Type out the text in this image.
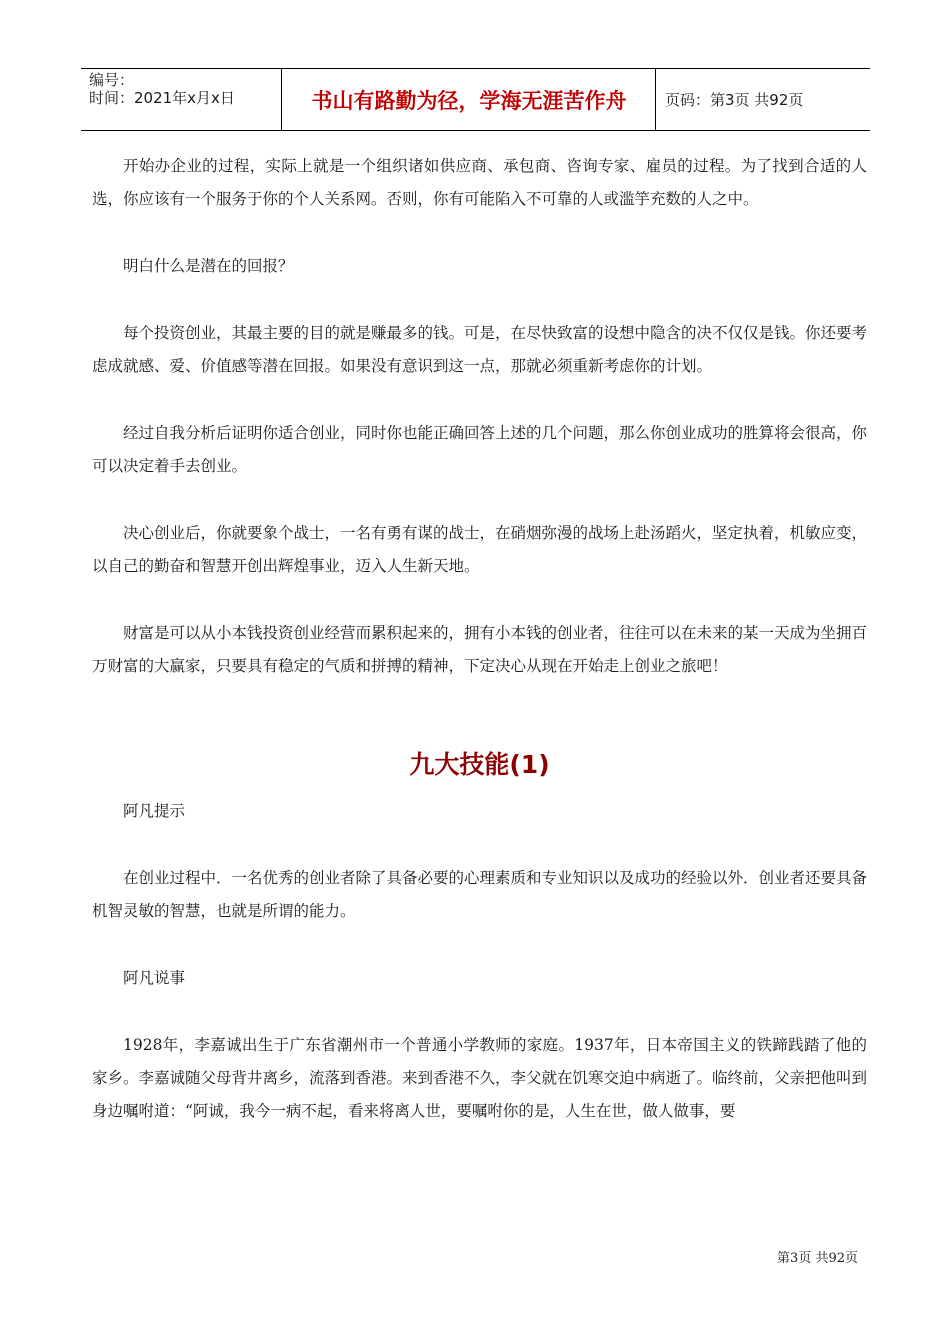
编号：
时间：2021年x月x日	书山有路勤为径，学海无涯苦作舟	页码：第3页 共92页

开始办企业的过程，实际上就是一个组织诸如供应商、承包商、咨询专家、雇员的过程。为了找到合适的人选，你应该有一个服务于你的个人关系网。否则，你有可能陷入不可靠的人或滥竽充数的人之中。

明白什么是潜在的回报？

每个投资创业，其最主要的目的就是赚最多的钱。可是，在尽快致富的设想中隐含的决不仅仅是钱。你还要考虑成就感、爱、价值感等潜在回报。如果没有意识到这一点，那就必须重新考虑你的计划。

经过自我分析后证明你适合创业，同时你也能正确回答上述的几个问题，那么你创业成功的胜算将会很高，你可以决定着手去创业。

决心创业后，你就要象个战士，一名有勇有谋的战士，在硝烟弥漫的战场上赴汤蹈火，坚定执着，机敏应变，以自己的勤奋和智慧开创出辉煌事业，迈入人生新天地。

财富是可以从小本钱投资创业经营而累积起来的，拥有小本钱的创业者，往往可以在未来的某一天成为坐拥百万财富的大赢家，只要具有稳定的气质和拼搏的精神，下定决心从现在开始走上创业之旅吧！

九大技能(1)

阿凡提示

在创业过程中．一名优秀的创业者除了具备必要的心理素质和专业知识以及成功的经验以外．创业者还要具备机智灵敏的智慧，也就是所谓的能力。

阿凡说事

1928年，李嘉诚出生于广东省潮州市一个普通小学教师的家庭。1937年，日本帝国主义的铁蹄践踏了他的家乡。李嘉诚随父母背井离乡，流落到香港。来到香港不久，李父就在饥寒交迫中病逝了。临终前，父亲把他叫到身边嘱咐道：“阿诚，我今一病不起，看来将离人世，要嘱咐你的是，人生在世，做人做事，要

第3页 共92页
